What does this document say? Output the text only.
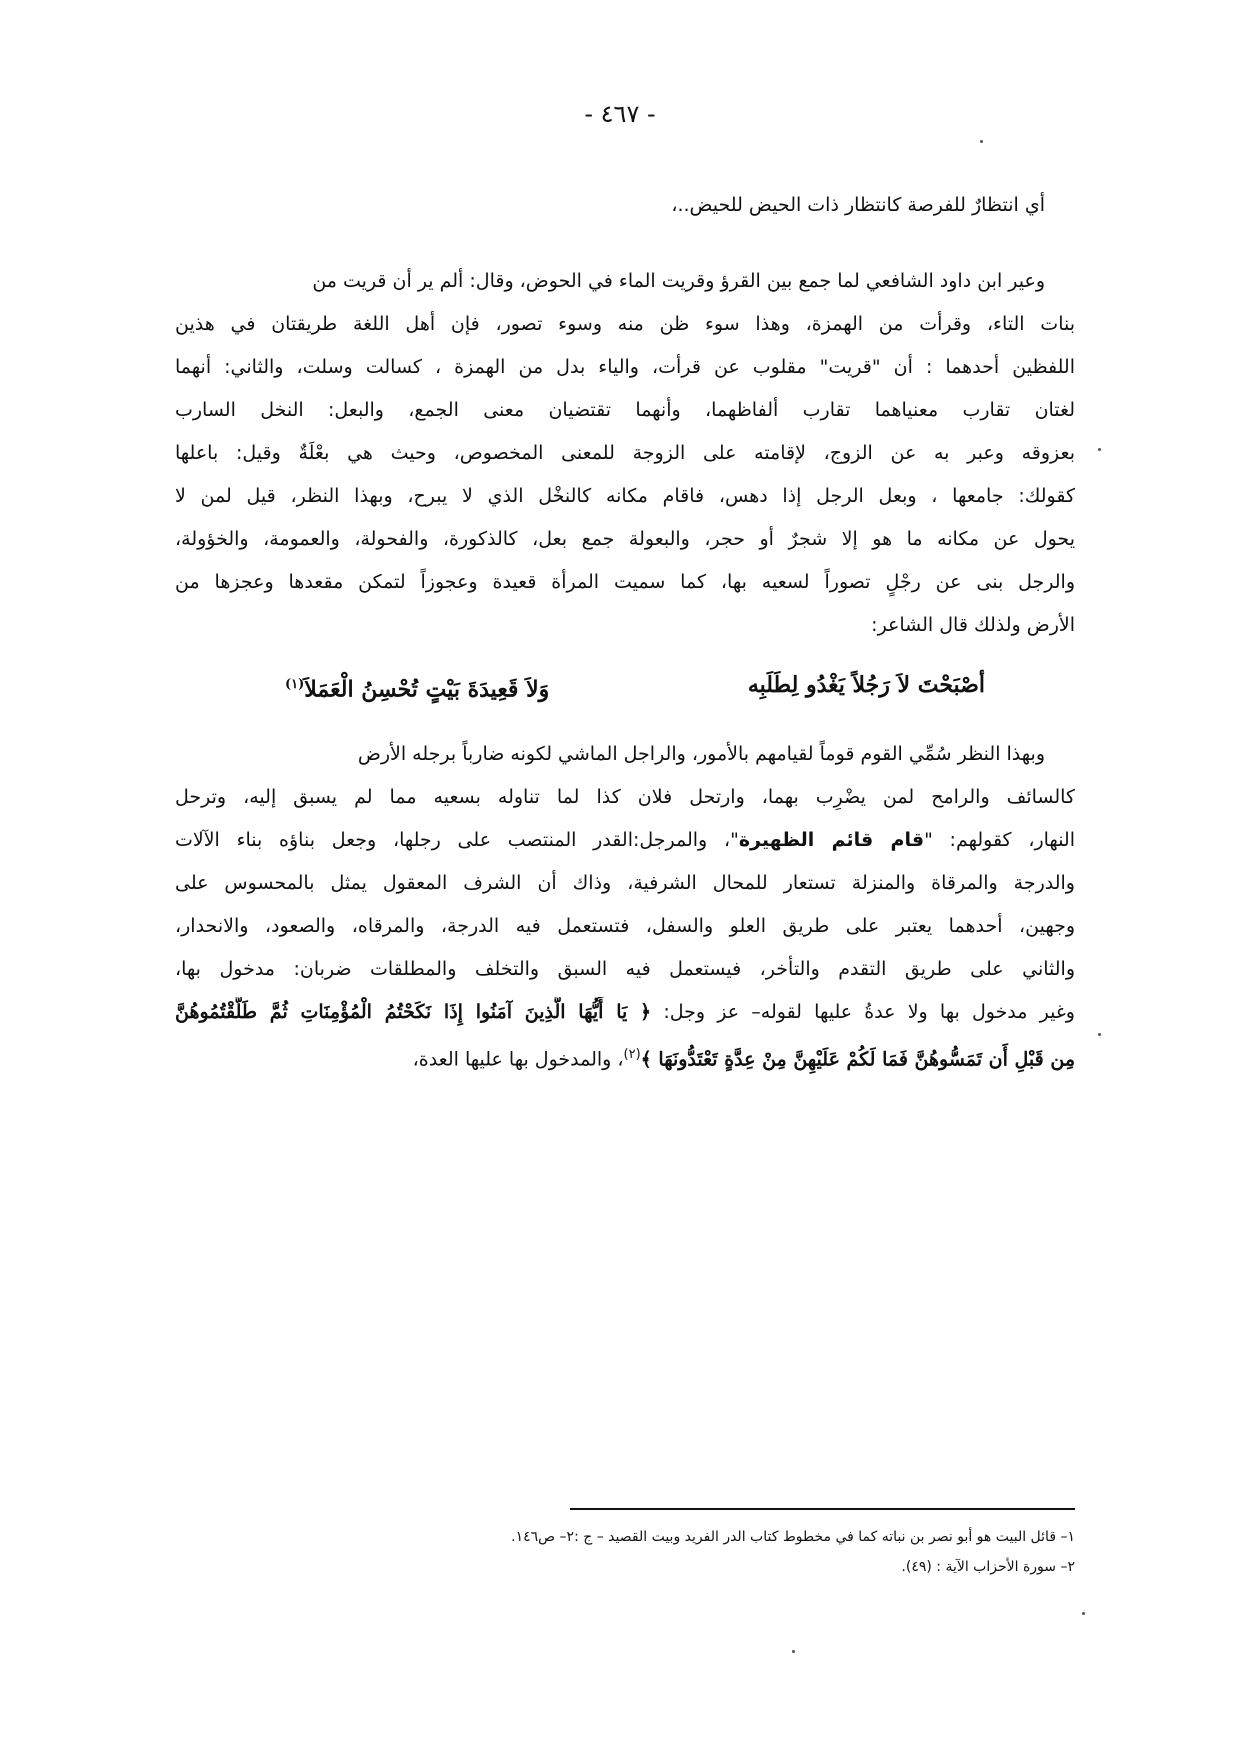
- ٤٦٧ -
أي انتظارٌ للفرصة كانتظار ذات الحيض للحيض..،
وعير ابن داود الشافعي لما جمع بين القرؤ وقريت الماء في الحوض، وقال: ألم ير أن قريت من
بنات التاء، وقرأت من الهمزة، وهذا سوء ظن منه وسوء تصور، فإن أهل اللغة طريقتان في هذين
اللفظين أحدهما : أن "قريت" مقلوب عن قرأت، والياء بدل من الهمزة ، كسالت وسلت، والثاني: أنهما
لغتان تقارب معنياهما تقارب ألفاظهما، وأنهما تقتضيان معنى الجمع، والبعل: النخل السارب
بعزوقه وعبر به عن الزوج، لإقامته على الزوجة للمعنى المخصوص، وحيث هي بعْلَةٌ وقيل: باعلها
كقولك: جامعها ، وبعل الرجل إذا دهس، فاقام مكانه كالنخْل الذي لا يبرح، وبهذا النظر، قيل لمن لا
يحول عن مكانه ما هو إلا شجرٌ أو حجر، والبعولة جمع بعل، كالذكورة، والفحولة، والعمومة، والخؤولة،
والرجل بنى عن رجْلٍ تصوراً لسعيه بها، كما سميت المرأة قعيدة وعجوزاً لتمكن مقعدها وعجزها من
الأرض ولذلك قال الشاعر:
أصْبَحْتَ لاَ رَجُلاً يَغْدُو لِطَلَبِه
وَلاَ قَعِيدَةَ بَيْتٍ تُحْسِنُ الْعَمَلاَ$^{(١)}$
وبهذا النظر سُمِّي القوم قوماً لقيامهم بالأمور، والراجل الماشي لكونه ضارباً برجله الأرض
كالسائف والرامح لمن يضْرِب بهما، وارتحل فلان كذا لما تناوله بسعيه مما لم يسبق إليه، وترحل
النهار، كقولهم: "قام قائم الظهيرة"، والمرجل:القدر المنتصب على رجلها، وجعل بناؤه بناء الآلات
والدرجة والمرقاة والمنزلة تستعار للمحال الشرفية، وذاك أن الشرف المعقول يمثل بالمحسوس على
وجهين، أحدهما يعتبر على طريق العلو والسفل، فتستعمل فيه الدرجة، والمرقاه، والصعود، والانحدار،
والثاني على طريق التقدم والتأخر، فيستعمل فيه السبق والتخلف والمطلقات ضربان: مدخول بها،
وغير مدخول بها ولا عدةُ عليها لقوله– عز وجل: ﴿ يَا أَيُّهَا الَّذِينَ آمَنُوا إِذَا نَكَحْتُمُ الْمُؤْمِنَاتِ ثُمَّ طَلَّقْتُمُوهُنَّ
مِن قَبْلِ أَن تَمَسُّوهُنَّ فَمَا لَكُمْ عَلَيْهِنَّ مِنْ عِدَّةٍ تَعْتَدُّونَهَا ﴾$^{(٢)}$، والمدخول بها عليها العدة،
١– قائل البيت هو أبو نصر بن نباته كما في مخطوط كتاب الدر الفريد وبيت القصيد – ج :٢– ص١٤٦.
٢– سورة الأحزاب الآية : (٤٩).
